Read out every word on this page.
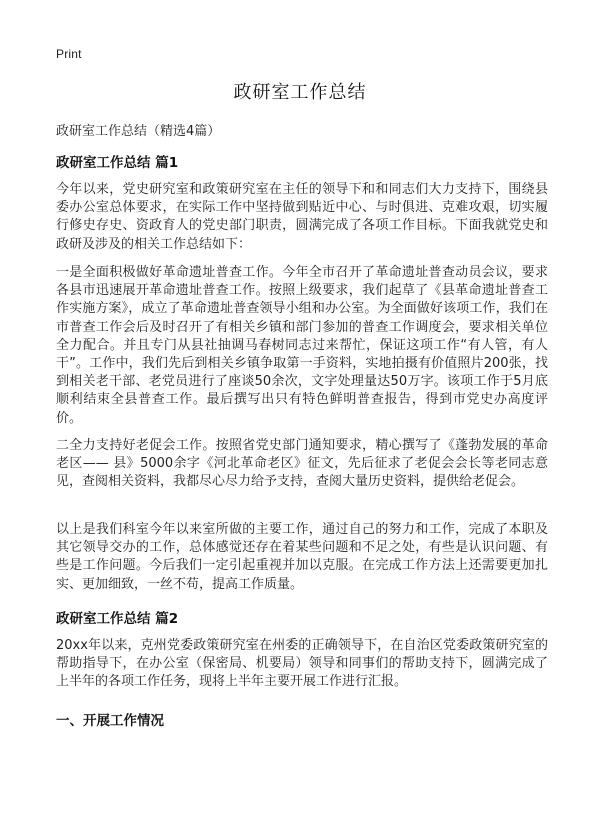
Print
政研室工作总结

政研室工作总结（精选4篇）

政研室工作总结 篇1

今年以来，党史研究室和政策研究室在主任的领导下和和同志们大力支持下，围绕县委办公室总体要求，在实际工作中坚持做到贴近中心、与时俱进、克难攻艰，切实履行修史存史、资政育人的党史部门职责，圆满完成了各项工作目标。下面我就党史和政研及涉及的相关工作总结如下：

一是全面积极做好革命遗址普查工作。今年全市召开了革命遗址普查动员会议，要求各县市迅速展开革命遗址普查工作。按照上级要求，我们起草了《县革命遗址普查工作实施方案》，成立了革命遗址普查领导小组和办公室。为全面做好该项工作，我们在市普查工作会后及时召开了有相关乡镇和部门参加的普查工作调度会，要求相关单位全力配合。并且专门从县社抽调马春树同志过来帮忙，保证这项工作“有人管，有人干”。工作中，我们先后到相关乡镇争取第一手资料，实地拍摄有价值照片200张，找到相关老干部、老党员进行了座谈50余次，文字处理量达50万字。该项工作于5月底顺利结束全县普查工作。最后撰写出只有特色鲜明普查报告，得到市党史办高度评价。

二全力支持好老促会工作。按照省党史部门通知要求，精心撰写了《蓬勃发展的革命老区—— 县》5000余字《河北革命老区》征文，先后征求了老促会会长等老同志意见，查阅相关资料，我都尽心尽力给予支持，查阅大量历史资料，提供给老促会。

以上是我们科室今年以来室所做的主要工作，通过自己的努力和工作，完成了本职及其它领导交办的工作，总体感觉还存在着某些问题和不足之处，有些是认识问题、有些是工作问题。今后我们一定引起重视并加以克服。在完成工作方法上还需要更加扎实、更加细致，一丝不苟，提高工作质量。

政研室工作总结 篇2

20xx年以来，克州党委政策研究室在州委的正确领导下，在自治区党委政策研究室的帮助指导下，在办公室（保密局、机要局）领导和同事们的帮助支持下，圆满完成了上半年的各项工作任务，现将上半年主要开展工作进行汇报。

一、开展工作情况
